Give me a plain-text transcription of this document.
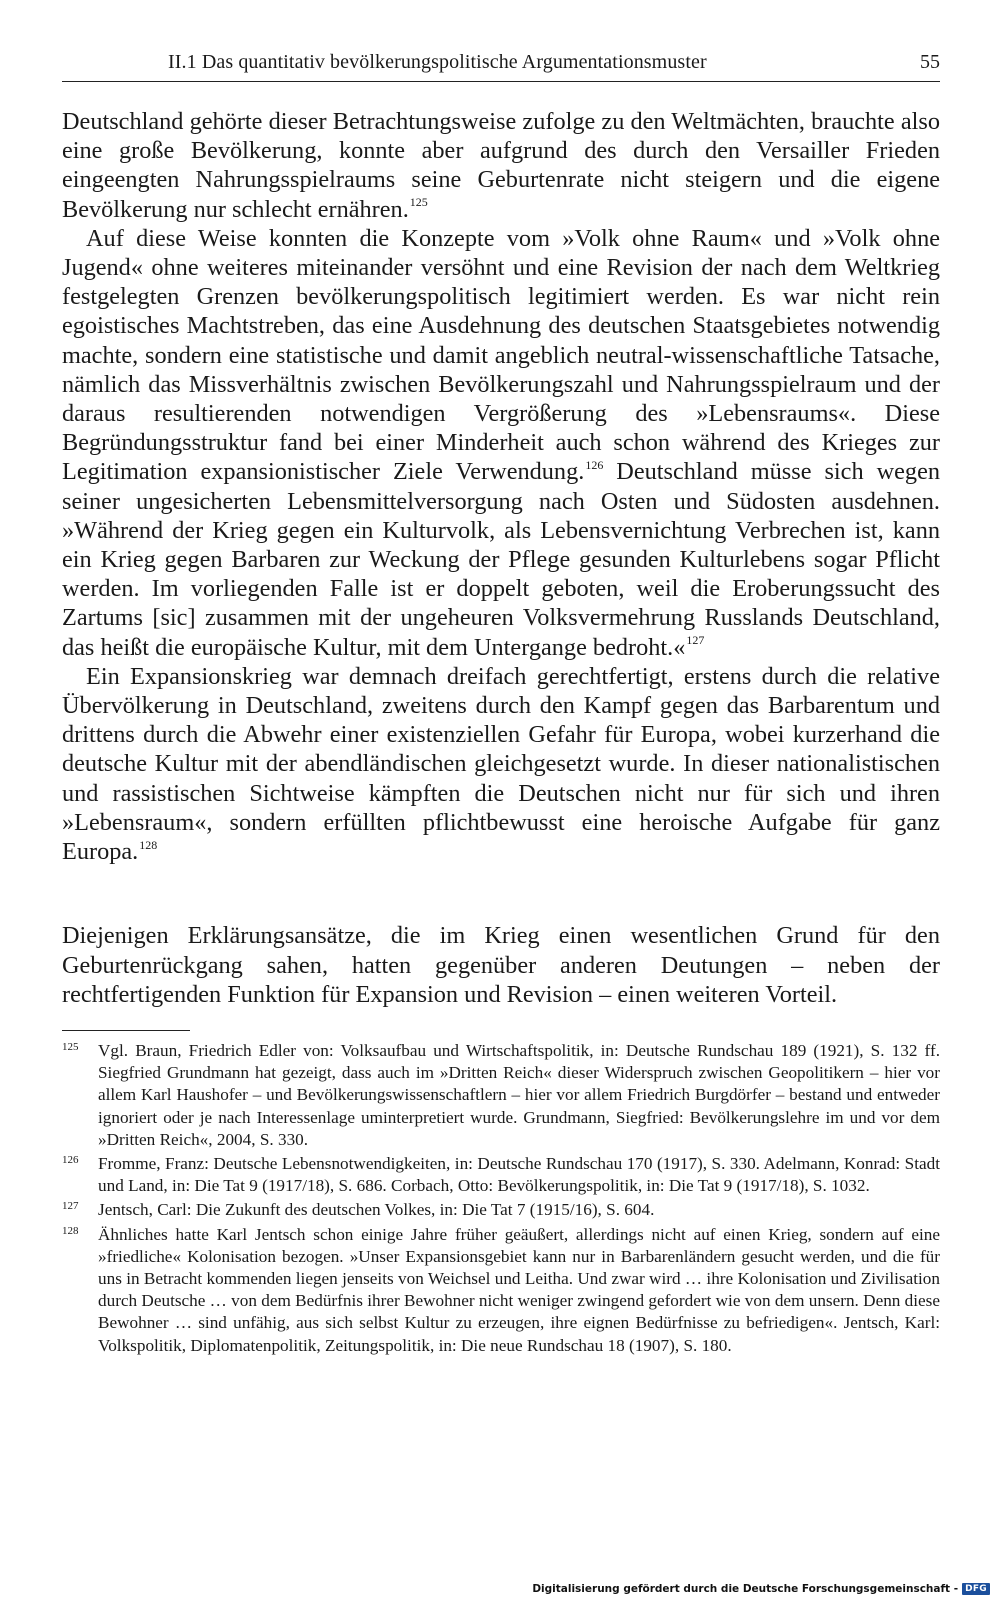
II.1 Das quantitativ bevölkerungspolitische Argumentationsmuster	55

Deutschland gehörte dieser Betrachtungsweise zufolge zu den Weltmächten, brauchte also eine große Bevölkerung, konnte aber aufgrund des durch den Versailler Frieden eingeengten Nahrungsspielraums seine Geburtenrate nicht steigern und die eigene Bevölkerung nur schlecht ernähren.$^{125}$

Auf diese Weise konnten die Konzepte vom »Volk ohne Raum« und »Volk ohne Jugend« ohne weiteres miteinander versöhnt und eine Revision der nach dem Weltkrieg festgelegten Grenzen bevölkerungspolitisch legitimiert werden. Es war nicht rein egoistisches Machtstreben, das eine Ausdehnung des deutschen Staatsgebietes notwendig machte, sondern eine statistische und damit angeblich neutral-wissenschaftliche Tatsache, nämlich das Missverhältnis zwischen Bevölkerungszahl und Nahrungsspielraum und der daraus resultierenden notwendigen Vergrößerung des »Lebensraums«. Diese Begründungsstruktur fand bei einer Minderheit auch schon während des Krieges zur Legitimation expansionistischer Ziele Verwendung.$^{126}$ Deutschland müsse sich wegen seiner ungesicherten Lebensmittelversorgung nach Osten und Südosten ausdehnen. »Während der Krieg gegen ein Kulturvolk, als Lebensvernichtung Verbrechen ist, kann ein Krieg gegen Barbaren zur Weckung der Pflege gesunden Kulturlebens sogar Pflicht werden. Im vorliegenden Falle ist er doppelt geboten, weil die Eroberungssucht des Zartums [sic] zusammen mit der ungeheuren Volksvermehrung Russlands Deutschland, das heißt die europäische Kultur, mit dem Untergange bedroht.«$^{127}$

Ein Expansionskrieg war demnach dreifach gerechtfertigt, erstens durch die relative Übervölkerung in Deutschland, zweitens durch den Kampf gegen das Barbarentum und drittens durch die Abwehr einer existenziellen Gefahr für Europa, wobei kurzerhand die deutsche Kultur mit der abendländischen gleichgesetzt wurde. In dieser nationalistischen und rassistischen Sichtweise kämpften die Deutschen nicht nur für sich und ihren »Lebensraum«, sondern erfüllten pflichtbewusst eine heroische Aufgabe für ganz Europa.$^{128}$

Diejenigen Erklärungsansätze, die im Krieg einen wesentlichen Grund für den Geburtenrückgang sahen, hatten gegenüber anderen Deutungen – neben der rechtfertigenden Funktion für Expansion und Revision – einen weiteren Vorteil.

125 Vgl. Braun, Friedrich Edler von: Volksaufbau und Wirtschaftspolitik, in: Deutsche Rundschau 189 (1921), S. 132 ff. Siegfried Grundmann hat gezeigt, dass auch im »Dritten Reich« dieser Widerspruch zwischen Geopolitikern – hier vor allem Karl Haushofer – und Bevölkerungswissenschaftlern – hier vor allem Friedrich Burgdörfer – bestand und entweder ignoriert oder je nach Interessenlage uminterpretiert wurde. Grundmann, Siegfried: Bevölkerungslehre im und vor dem »Dritten Reich«, 2004, S. 330.
126 Fromme, Franz: Deutsche Lebensnotwendigkeiten, in: Deutsche Rundschau 170 (1917), S. 330. Adelmann, Konrad: Stadt und Land, in: Die Tat 9 (1917/18), S. 686. Corbach, Otto: Bevölkerungspolitik, in: Die Tat 9 (1917/18), S. 1032.
127 Jentsch, Carl: Die Zukunft des deutschen Volkes, in: Die Tat 7 (1915/16), S. 604.
128 Ähnliches hatte Karl Jentsch schon einige Jahre früher geäußert, allerdings nicht auf einen Krieg, sondern auf eine »friedliche« Kolonisation bezogen. »Unser Expansionsgebiet kann nur in Barbarenländern gesucht werden, und die für uns in Betracht kommenden liegen jenseits von Weichsel und Leitha. Und zwar wird … ihre Kolonisation und Zivilisation durch Deutsche … von dem Bedürfnis ihrer Bewohner nicht weniger zwingend gefordert wie von dem unsern. Denn diese Bewohner … sind unfähig, aus sich selbst Kultur zu erzeugen, ihre eignen Bedürfnisse zu befriedigen«. Jentsch, Karl: Volkspolitik, Diplomatenpolitik, Zeitungspolitik, in: Die neue Rundschau 18 (1907), S. 180.
Digitalisierung gefördert durch die Deutsche Forschungsgemeinschaft - DFG
